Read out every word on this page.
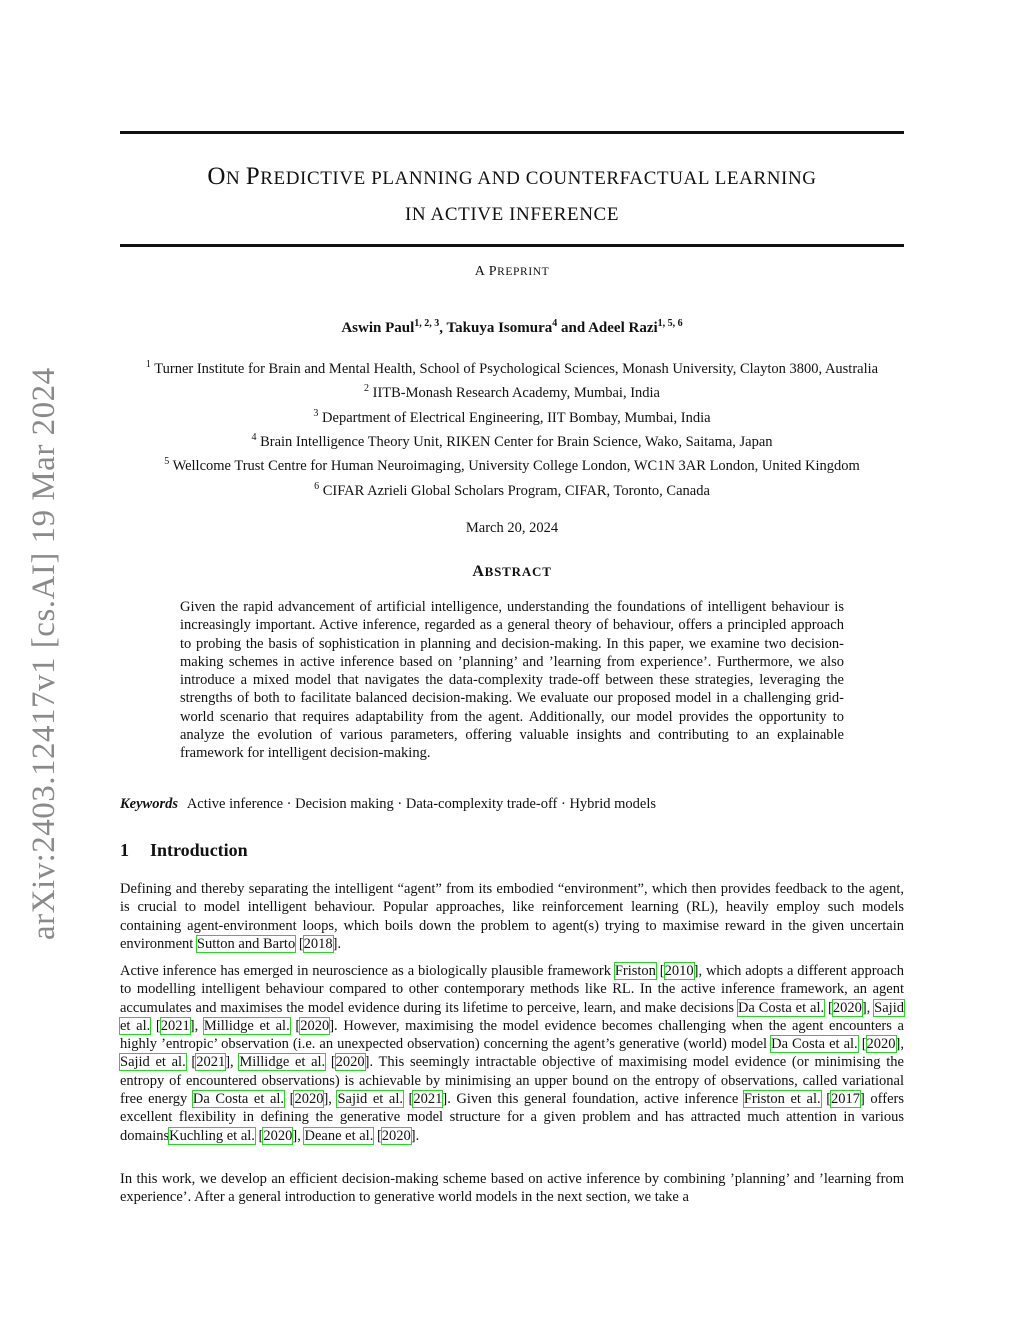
arXiv:2403.12417v1 [cs.AI] 19 Mar 2024
ON PREDICTIVE PLANNING AND COUNTERFACTUAL LEARNING
IN ACTIVE INFERENCE
A PREPRINT
Aswin Paul$^{1, 2, 3}$, Takuya Isomura$^4$ and Adeel Razi$^{1, 5, 6}$
$^1$ Turner Institute for Brain and Mental Health, School of Psychological Sciences, Monash University, Clayton 3800, Australia
$^2$ IITB-Monash Research Academy, Mumbai, India
$^3$ Department of Electrical Engineering, IIT Bombay, Mumbai, India
$^4$ Brain Intelligence Theory Unit, RIKEN Center for Brain Science, Wako, Saitama, Japan
$^5$ Wellcome Trust Centre for Human Neuroimaging, University College London, WC1N 3AR London, United Kingdom
$^6$ CIFAR Azrieli Global Scholars Program, CIFAR, Toronto, Canada
March 20, 2024
ABSTRACT
Given the rapid advancement of artificial intelligence, understanding the foundations of intelligent behaviour is increasingly important. Active inference, regarded as a general theory of behaviour, offers a principled approach to probing the basis of sophistication in planning and decision-making. In this paper, we examine two decision-making schemes in active inference based on ’planning’ and ’learning from experience’. Furthermore, we also introduce a mixed model that navigates the data-complexity trade-off between these strategies, leveraging the strengths of both to facilitate balanced decision-making. We evaluate our proposed model in a challenging grid-world scenario that requires adaptability from the agent. Additionally, our model provides the opportunity to analyze the evolution of various parameters, offering valuable insights and contributing to an explainable framework for intelligent decision-making.
Keywords Active inference · Decision making · Data-complexity trade-off · Hybrid models
1 Introduction
Defining and thereby separating the intelligent “agent” from its embodied “environment”, which then provides feedback to the agent, is crucial to model intelligent behaviour. Popular approaches, like reinforcement learning (RL), heavily employ such models containing agent-environment loops, which boils down the problem to agent(s) trying to maximise reward in the given uncertain environment Sutton and Barto [2018].
Active inference has emerged in neuroscience as a biologically plausible framework Friston [2010], which adopts a different approach to modelling intelligent behaviour compared to other contemporary methods like RL. In the active inference framework, an agent accumulates and maximises the model evidence during its lifetime to perceive, learn, and make decisions Da Costa et al. [2020], Sajid et al. [2021], Millidge et al. [2020]. However, maximising the model evidence becomes challenging when the agent encounters a highly ’entropic’ observation (i.e. an unexpected observation) concerning the agent’s generative (world) model Da Costa et al. [2020], Sajid et al. [2021], Millidge et al. [2020]. This seemingly intractable objective of maximising model evidence (or minimising the entropy of encountered observations) is achievable by minimising an upper bound on the entropy of observations, called variational free energy Da Costa et al. [2020], Sajid et al. [2021]. Given this general foundation, active inference Friston et al. [2017] offers excellent flexibility in defining the generative model structure for a given problem and has attracted much attention in various domainsKuchling et al. [2020], Deane et al. [2020].
In this work, we develop an efficient decision-making scheme based on active inference by combining ’planning’ and ’learning from experience’. After a general introduction to generative world models in the next section, we take a
